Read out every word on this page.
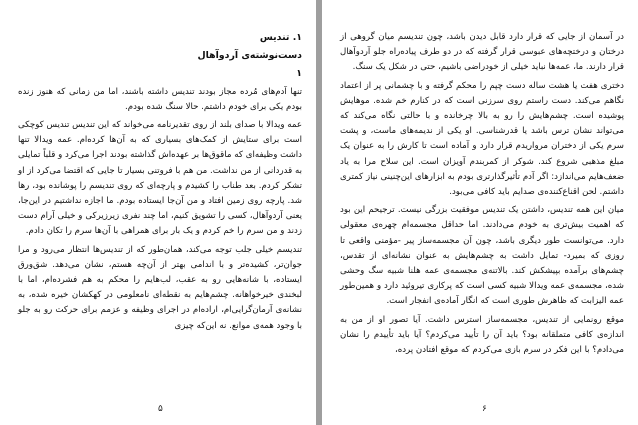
۱. تندیس

دست‌نوشته‌ی آردوآهال

۱

تنها آدم‌های مُرده مجاز بودند تندیس داشته باشند، اما من زمانی که هنوز زنده بودم یکی برای خودم داشتم. حالا سنگ شده بودم.

عمه ویدالا با صدای بلند از روی تقدیرنامه می‌خواند که این تندیس تندیس کوچکی است برای ستایش از کمک‌های بسیاری که به آن‌ها کرده‌ام. عمه ویدالا تنها داشت وظیفه‌ای که ماقوق‌ها بر عهده‌اش گذاشته بودند اجرا می‌کرد و قلباً تمایلی به قدردانی از من نداشت. من هم با فروتنی بسیار تا جایی که اقتضا می‌کرد از او تشکر کردم. بعد طناب را کشیدم و پارچه‌ای که روی تندیسم را پوشانده بود، رها شد. پارچه روی زمین افتاد و من آن‌جا ایستاده بودم. ما اجازه نداشتیم در این‌جا، یعنی آردوآهال، کسی را تشویق کنیم، اما چند نفری زیرزیرکی و خیلی آرام دست زدند و من سرم را خم کردم و یک بار برای همراهی با آن‌ها سرم را تکان دادم.

تندیسم خیلی جلب توجه می‌کند، همان‌طور که از تندیس‌ها انتظار می‌رود و مرا جوان‌تر، کشیده‌تر و با اندامی بهتر از آن‌چه هستم، نشان می‌دهد. شق‌ورق ایستاده، با شانه‌هایی رو به عقب، لب‌هایم را محکم به هم فشرده‌ام، اما با لبخندی خیرخواهانه. چشم‌هایم به نقطه‌ای نامعلومی در کهکشان خیره شده، به نشانه‌ی آرمان‌گرایی‌ام، اراده‌ام در اجرای وظیفه و عزمم برای حرکت رو به جلو با وجود همه‌ی موانع. نه این‌که چیزی

۵

در آسمان از جایی که قرار دارد قابل دیدن باشد، چون تندیسم میان گروهی از درختان و درختچه‌های عبوسی قرار گرفته که در دو طرف پیاده‌راه جلو آردوآهال قرار دارند. ما، عمه‌ها نباید خیلی از خودراضی باشیم، حتی در شکل یک سنگ.

دختری هفت یا هشت ساله دست چپم را محکم گرفته و با چشمانی پر از اعتماد نگاهم می‌کند. دست راستم روی سرزنی است که در کنارم خم شده. موهایش پوشیده است. چشم‌هایش را رو به بالا چرخانده و با حالتی نگاه می‌کند که می‌تواند نشان ترس باشد یا قدرشناسی. او یکی از ندیمه‌های ماست، و پشت سرم یکی از دختران مرواریدم قرار دارد و آماده است تا کارش را به عنوان یک مبلغ مذهبی شروع کند. شوکر از کمربندم آویزان است. این سلاح مرا به یاد ضعف‌هایم می‌اندازد: اگر آدم تأثیرگذارتری بودم به ابزارهای این‌چنینی نیاز کمتری داشتم. لحن اقناع‌کننده‌ی صدایم باید کافی می‌بود.

میان این همه تندیس، داشتن یک تندیس موفقیت بزرگی نیست. ترجیحم این بود که اهمیت بیش‌تری به خودم می‌دادند. اما حداقل مجسمه‌ام چهره‌ی معقولی دارد. می‌توانست طور دیگری باشد، چون آن مجسمه‌ساز پیر -مؤمنی واقعی تا روزی که بمیرد- تمایل داشت به چشم‌هایش به عنوان نشانه‌ای از تقدس، چشم‌های برآمده بپیشکش کند. بالاتنه‌ی مجسمه‌ی عمه هلنا شبیه سگ وحشی شده، مجسمه‌ی عمه ویدالا شبیه کسی است که پرکاری تیروئید دارد و همین‌طور عمه الیزابت که ظاهرش طوری است که انگار آماده‌ی انفجار است.

موقع رونمایی از تندیس، مجسمه‌ساز استرس داشت. آیا تصور او از من به اندازه‌ی کافی متملقانه بود؟ باید آن را تأیید می‌کردم؟ آیا باید تأییدم را نشان می‌دادم؟ با این فکر در سرم بازی می‌کردم که موقع افتادن پرده،

۶
